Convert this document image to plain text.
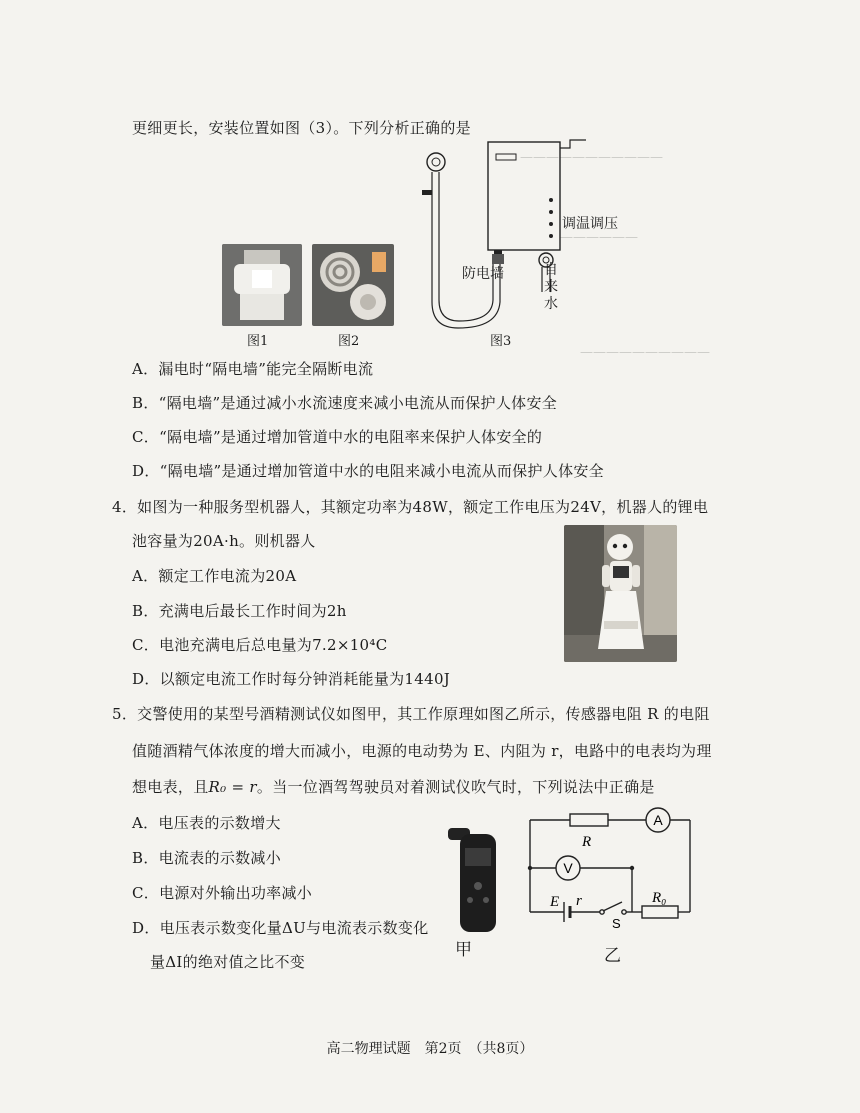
———————————
——————
——————————
更细更长，安装位置如图（3）。下列分析正确的是
图1	图2
调温调压
防电墙	自
来
水
图3
A．漏电时“隔电墙”能完全隔断电流
B．“隔电墙”是通过减小水流速度来减小电流从而保护人体安全
C．“隔电墙”是通过增加管道中水的电阻率来保护人体安全的
D．“隔电墙”是通过增加管道中水的电阻来减小电流从而保护人体安全
4．如图为一种服务型机器人，其额定功率为48W，额定工作电压为24V，机器人的锂电
池容量为20A·h。则机器人
A．额定工作电流为20A
B．充满电后最长工作时间为2h
C．电池充满电后总电量为7.2×10⁴C
D．以额定电流工作时每分钟消耗能量为1440J
5．交警使用的某型号酒精测试仪如图甲，其工作原理如图乙所示，传感器电阻 R 的电阻
值随酒精气体浓度的增大而减小，电源的电动势为 E、内阻为 r，电路中的电表均为理
想电表，且R₀ = r。当一位酒驾驾驶员对着测试仪吹气时，下列说法中正确是
A．电压表的示数增大
B．电流表的示数减小
C．电源对外输出功率减小
D．电压表示数变化量ΔU与电流表示数变化
量ΔI的绝对值之比不变
甲
R
A
V
E r
S
R₀
乙
高二物理试题　第2页　（共8页）
